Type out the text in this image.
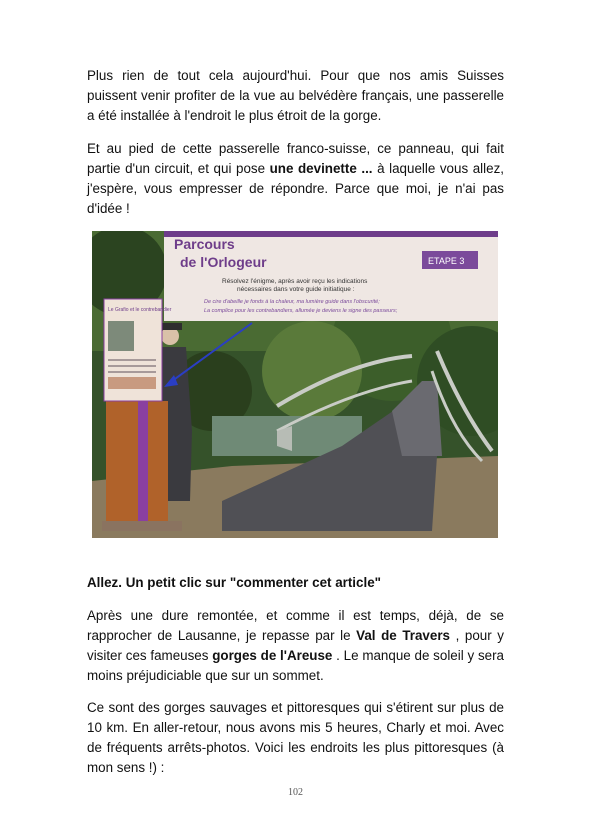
Plus rien de tout cela aujourd'hui. Pour que nos amis Suisses puissent venir profiter de la vue au belvédère français, une passerelle a été installée à l'endroit le plus étroit de la gorge.

Et au pied de cette passerelle franco-suisse, ce panneau, qui fait partie d'un circuit, et qui pose une devinette ... à laquelle vous allez, j'espère, vous empresser de répondre. Parce que moi, je n'ai pas d'idée !

Parcours
de l'Orlogeur	ETAPE 3
Résolvez l'énigme, après avoir reçu les indications
nécessaires dans votre guide initiatique :
De cire d'abeille je fonds à la chaleur, ma lumière guide dans l'obscurité;
La complice pour les contrebandiers, allumée je deviens le signe des passeurs;
Le Grafio et le contrebandier

Allez. Un petit clic sur "commenter cet article"

Après une dure remontée, et comme il est temps, déjà, de se rapprocher de Lausanne, je repasse par le Val de Travers , pour y visiter ces fameuses gorges de l'Areuse . Le manque de soleil y sera moins préjudiciable que sur un sommet.

Ce sont des gorges sauvages et pittoresques qui s'étirent sur plus de 10 km. En aller-retour, nous avons mis 5 heures, Charly et moi. Avec de fréquents arrêts-photos. Voici les endroits les plus pittoresques (à mon sens !) :

102
